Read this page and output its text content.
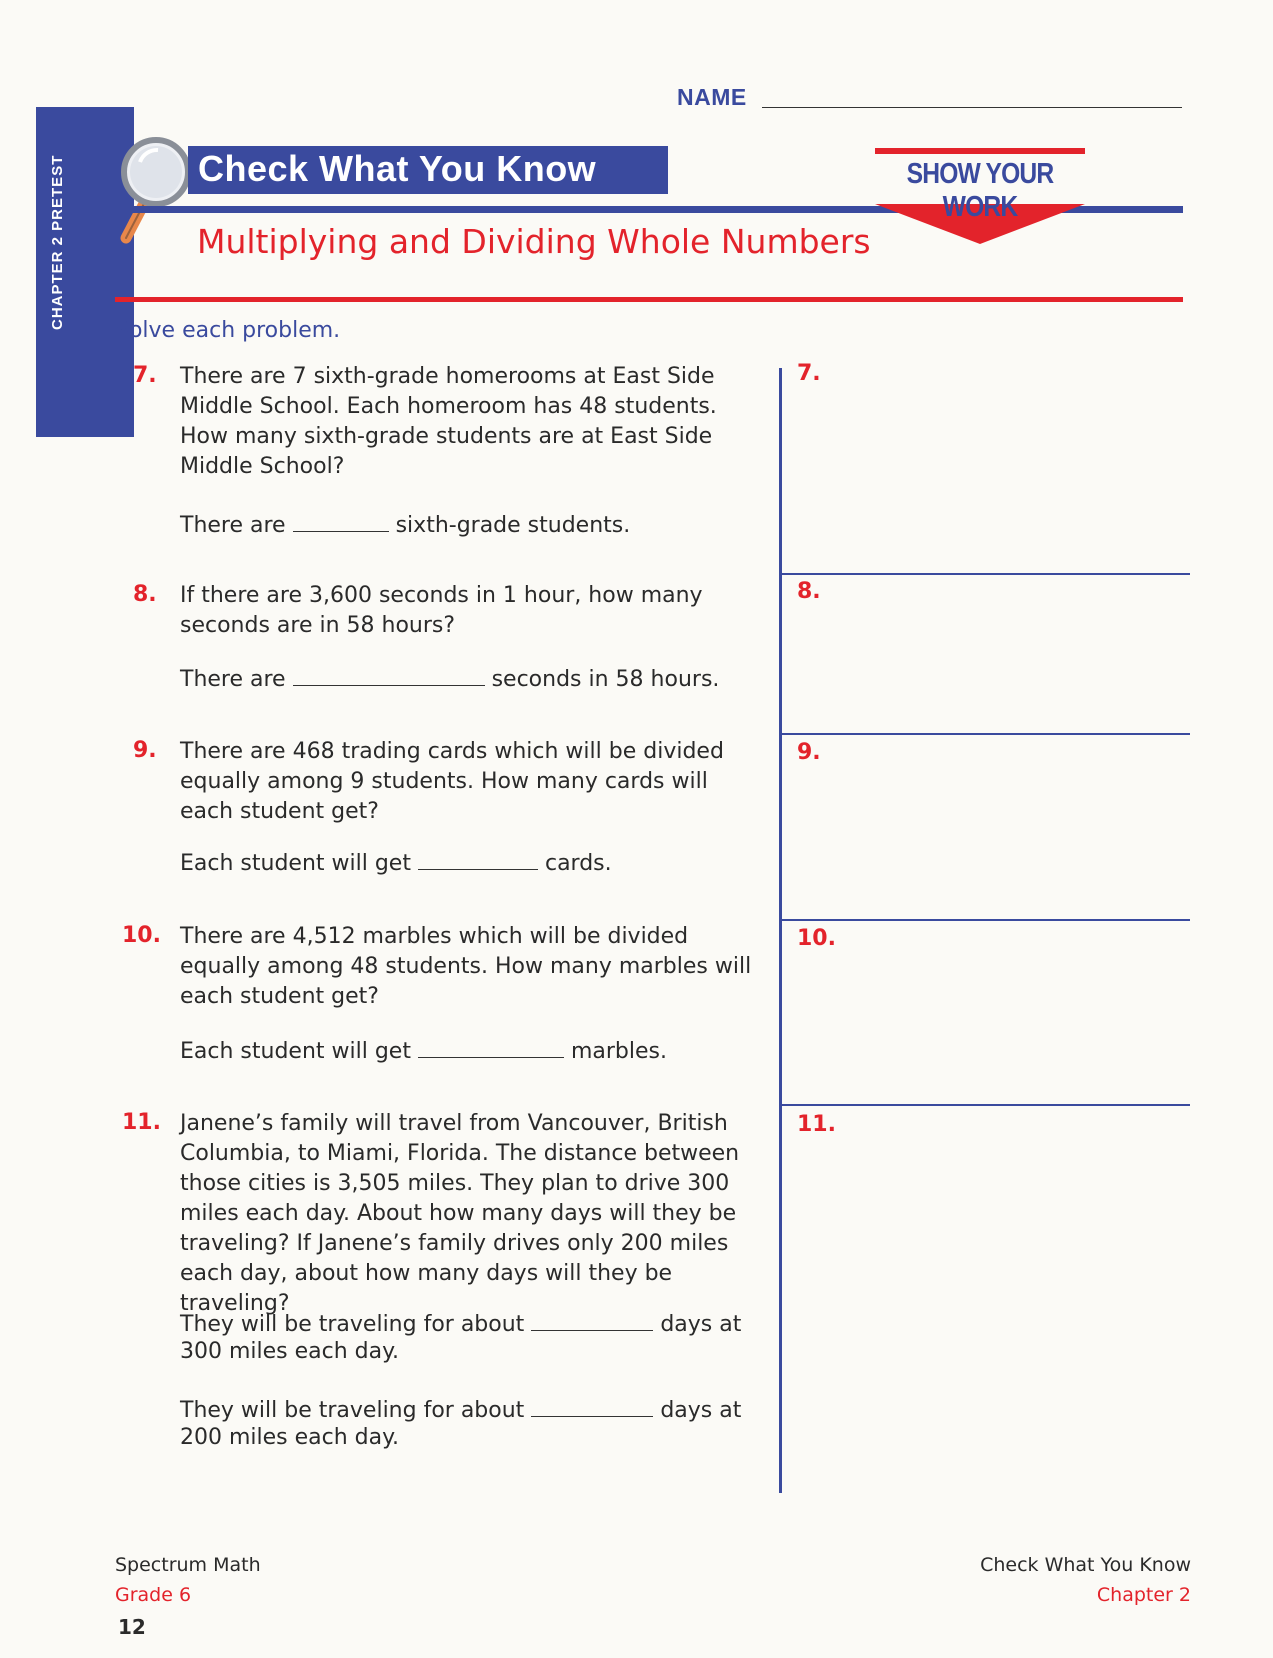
CHAPTER 2 PRETEST
NAME
Check What You Know	SHOW YOUR WORK
Multiplying and Dividing Whole Numbers
Solve each problem.
7. There are 7 sixth-grade homerooms at East Side Middle School. Each homeroom has 48 students. How many sixth-grade students are at East Side Middle School?
There are	sixth-grade students.
8. If there are 3,600 seconds in 1 hour, how many seconds are in 58 hours?
There are	seconds in 58 hours.
9. There are 468 trading cards which will be divided equally among 9 students. How many cards will each student get?
Each student will get	cards.
10. There are 4,512 marbles which will be divided equally among 48 students. How many marbles will each student get?
Each student will get	marbles.
11. Janene’s family will travel from Vancouver, British Columbia, to Miami, Florida. The distance between those cities is 3,505 miles. They plan to drive 300 miles each day. About how many days will they be traveling? If Janene’s family drives only 200 miles each day, about how many days will they be traveling?
They will be traveling for about	days at
300 miles each day.
They will be traveling for about	days at
200 miles each day.
7.
8.
9.
10.
11.
Spectrum Math
Grade 6
12
Check What You Know
Chapter 2
